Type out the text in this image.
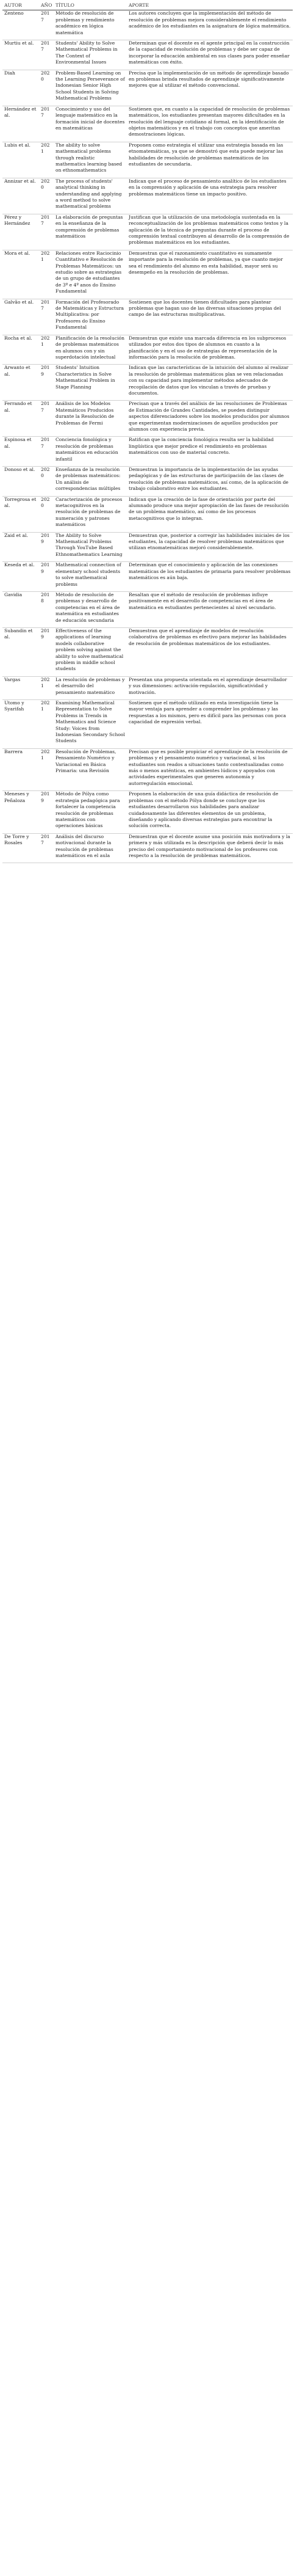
AUTOR	AÑO	TÍTULO	APORTE
Zenteno	2017	Método de resolución de problemas y rendimiento académico en lógica matemática	Los autores concluyen que la implementación del método de resolución de problemas mejora considerablemente el rendimiento académico de los estudiantes en la asignatura de lógica matemática.
Murtiu et al.	2017	Students' Ability to Solve Mathematical Problems in The Context of Environmental Issues	Determinan que el docente es el agente principal en la construcción de la capacidad de resolución de problemas y debe ser capaz de incorporar la educación ambiental en sus clases para poder enseñar matemáticas con éxito.
Diah	2020	Problem-Based Learning on the Learning Perseverance of Indonesian Senior High School Students in Solving Mathematical Problems	Precisa que la implementación de un método de aprendizaje basado en problemas brinda resultados de aprendizaje significativamente mejores que al utilizar el método convencional.
Hernández et al.	2017	Conocimiento y uso del lenguaje matemático en la formación inicial de docentes en matemáticas	Sostienen que, en cuanto a la capacidad de resolución de problemas matemáticos, los estudiantes presentan mayores dificultades en la resolución del lenguaje cotidiano al formal, en la identificación de objetos matemáticos y en el trabajo con conceptos que ameritan demostraciones lógicas.
Lubis et al.	2021	The ability to solve mathematical problems through realistic mathematics learning based on ethnomathematics	Proponen como estrategia el utilizar una estrategia basada en las etnomatemáticas, ya que se demostró que esta puede mejorar las habilidades de resolución de problemas matemáticos de los estudiantes de secundaria.
Annizar et al.	2020	The process of students' analytical thinking in understanding and applying a word method to solve mathematical problems	Indican que el proceso de pensamiento analítico de los estudiantes en la comprensión y aplicación de una estrategia para resolver problemas matemáticos tiene un impacto positivo.
Pérez y Hernández	2017	La elaboración de preguntas en la enseñanza de la comprensión de problemas matemáticos	Justifican que la utilización de una metodología sustentada en la reconceptualización de los problemas matemáticos como textos y la aplicación de la técnica de preguntas durante el proceso de comprensión textual contribuyen al desarrollo de la comprensión de problemas matemáticos en los estudiantes.
Mora et al.	2021	Relaciones entre Raciocinio Cuantitativo e Resolución de Problemas Matemáticos: un estudio sobre as estrategias de un grupo de estudiantes de 3º e 4º anos do Ensino Fundamental	Demuestran que el razonamiento cuantitativo es sumamente importante para la resolución de problemas, ya que cuanto mejor sea el rendimiento del alumno en esta habilidad, mayor será su desempeño en la resolución de problemas.
Galvão et al.	2017	Formación del Profesorado de Matemáticas y Estructura Multiplicativa: por Profesores do Ensino Fundamental	Sostienen que los docentes tienen dificultades para plantear problemas que hagan uso de las diversas situaciones propias del campo de las estructuras multiplicativas.
Rocha et al.	2021	Planificación de la resolución de problemas matemáticos en alumnos con y sin superdotación intelectual	Demuestran que existe una marcada diferencia en los subprocesos utilizados por estos dos tipos de alumnos en cuanto a la planificación y en el uso de estrategias de representación de la información para la resolución de problemas.
Arwanto et al.	2019	Students' Intuition Characteristics in Solve Mathematical Problem in Stage Planning	Indican que las características de la intuición del alumno al realizar la resolución de problemas matemáticos plan se ven relacionadas con su capacidad para implementar métodos adecuados de recopilación de datos que los vinculan a través de pruebas y documentos.
Ferrando et al.	2017	Análisis de los Modelos Matemáticos Producidos durante la Resolución de Problemas de Fermi	Precisan que a través del análisis de las resoluciones de Problemas de Estimación de Grandes Cantidades, se pueden distinguir aspectos diferenciadores sobre los modelos producidos por alumnos que experimentan modernizaciones de aquellos producidos por alumnos con experiencia previa.
Espinosa et al.	2017	Conciencia fonológica y resolución de problemas matemáticos en educación infantil	Ratifican que la conciencia fonológica resulta ser la habilidad lingüística que mejor predice el rendimiento en problemas matemáticos con uso de material concreto.
Donoso et al.	2020	Enseñanza de la resolución de problemas matemáticos: Un análisis de correspondencias múltiples	Demuestran la importancia de la implementación de las ayudas pedagógicas y de las estructuras de participación de las clases de resolución de problemas matemáticos, así como, de la aplicación de trabajo colaborativo entre los estudiantes.
Torregrosa et al.	2020	Caracterización de procesos metacognitivos en la resolución de problemas de numeración y patrones matemáticos	Indican que la creación de la fase de orientación por parte del alumnado produce una mejor apropiación de las fases de resolución de un problema matemático, así como de los procesos metacognitivos que lo integran.
Zaid et al.	2019	The Ability to Solve Mathematical Problems Through YouTube Based Ethnomathematics Learning	Demuestran que, posterior a corregir las habilidades iniciales de los estudiantes, la capacidad de resolver problemas matemáticos que utilizan etnomatemáticas mejoró considerablemente.
Keseda et al.	2019	Mathematical connection of elementary school students to solve mathematical problems	Determinan que el conocimiento y aplicación de las conexiones matemáticas de los estudiantes de primaria para resolver problemas matemáticos es aún baja.
Gavidia	2018	Método de resolución de problemas y desarrollo de competencias en el área de matemática en estudiantes de educación secundaria	Resaltan que el método de resolución de problemas influye positivamente en el desarrollo de competencias en el área de matemática en estudiantes pertenecientes al nivel secundario.
Subandin et al.	2019	Effectiveness of the applications of learning models collaborative problem solving against the ability to solve mathematical problem in middle school students	Demuestran que el aprendizaje de modelos de resolución colaborativa de problemas es efectivo para mejorar las habilidades de resolución de problemas matemáticos de los estudiantes.
Vargas	2021	La resolución de problemas y el desarrollo del pensamiento matemático	Presentan una propuesta orientada en el aprendizaje desarrollador y sus dimensiones: activación-regulación, significatividad y motivación.
Utomo y Syarifah	2021	Examining Mathematical Representation to Solve Problems in Trends in Mathematics and Science Study: Voices from Indonesian Secondary School Students	Sostienen que el método utilizado en esta investigación tiene la mayor ventaja para aprender a comprender los problemas y las respuestas a los mismos, pero es difícil para las personas con poca capacidad de expresión verbal.
Barrera	2021	Resolución de Problemas, Pensamiento Numérico y Variacional en Básica Primaria: una Revisión	Precisan que es posible propiciar el aprendizaje de la resolución de problemas y el pensamiento numérico y variacional, si los estudiantes son reados a situaciones tanto contextualizadas como más o menos auténticas, en ambientes lúdicos y apoyados con actividades experimentales que generen autonomía y autorregulación emocional.
Meneses y Peñaloza	2019	Método de Pólya como estrategia pedagógica para fortalecer la competencia resolución de problemas matemáticos con operaciones básicas	Proponen la elaboración de una guía didáctica de resolución de problemas con el método Pólya donde se concluye que los estudiantes desarrollaron sus habilidades para analizar cuidadosamente las diferentes elementos de un problema, diseñando y aplicando diversas estrategias para encontrar la solución correcta.
De Torre y Rosales	2017	Análisis del discurso motivacional durante la resolución de problemas matemáticos en el aula	Demuestran que el docente asume una posición más motivadora y la primera y más utilizada es la descripción que deberá decir lo más preciso del comportamiento motivacional de los profesores con respecto a la resolución de problemas matemáticos.
